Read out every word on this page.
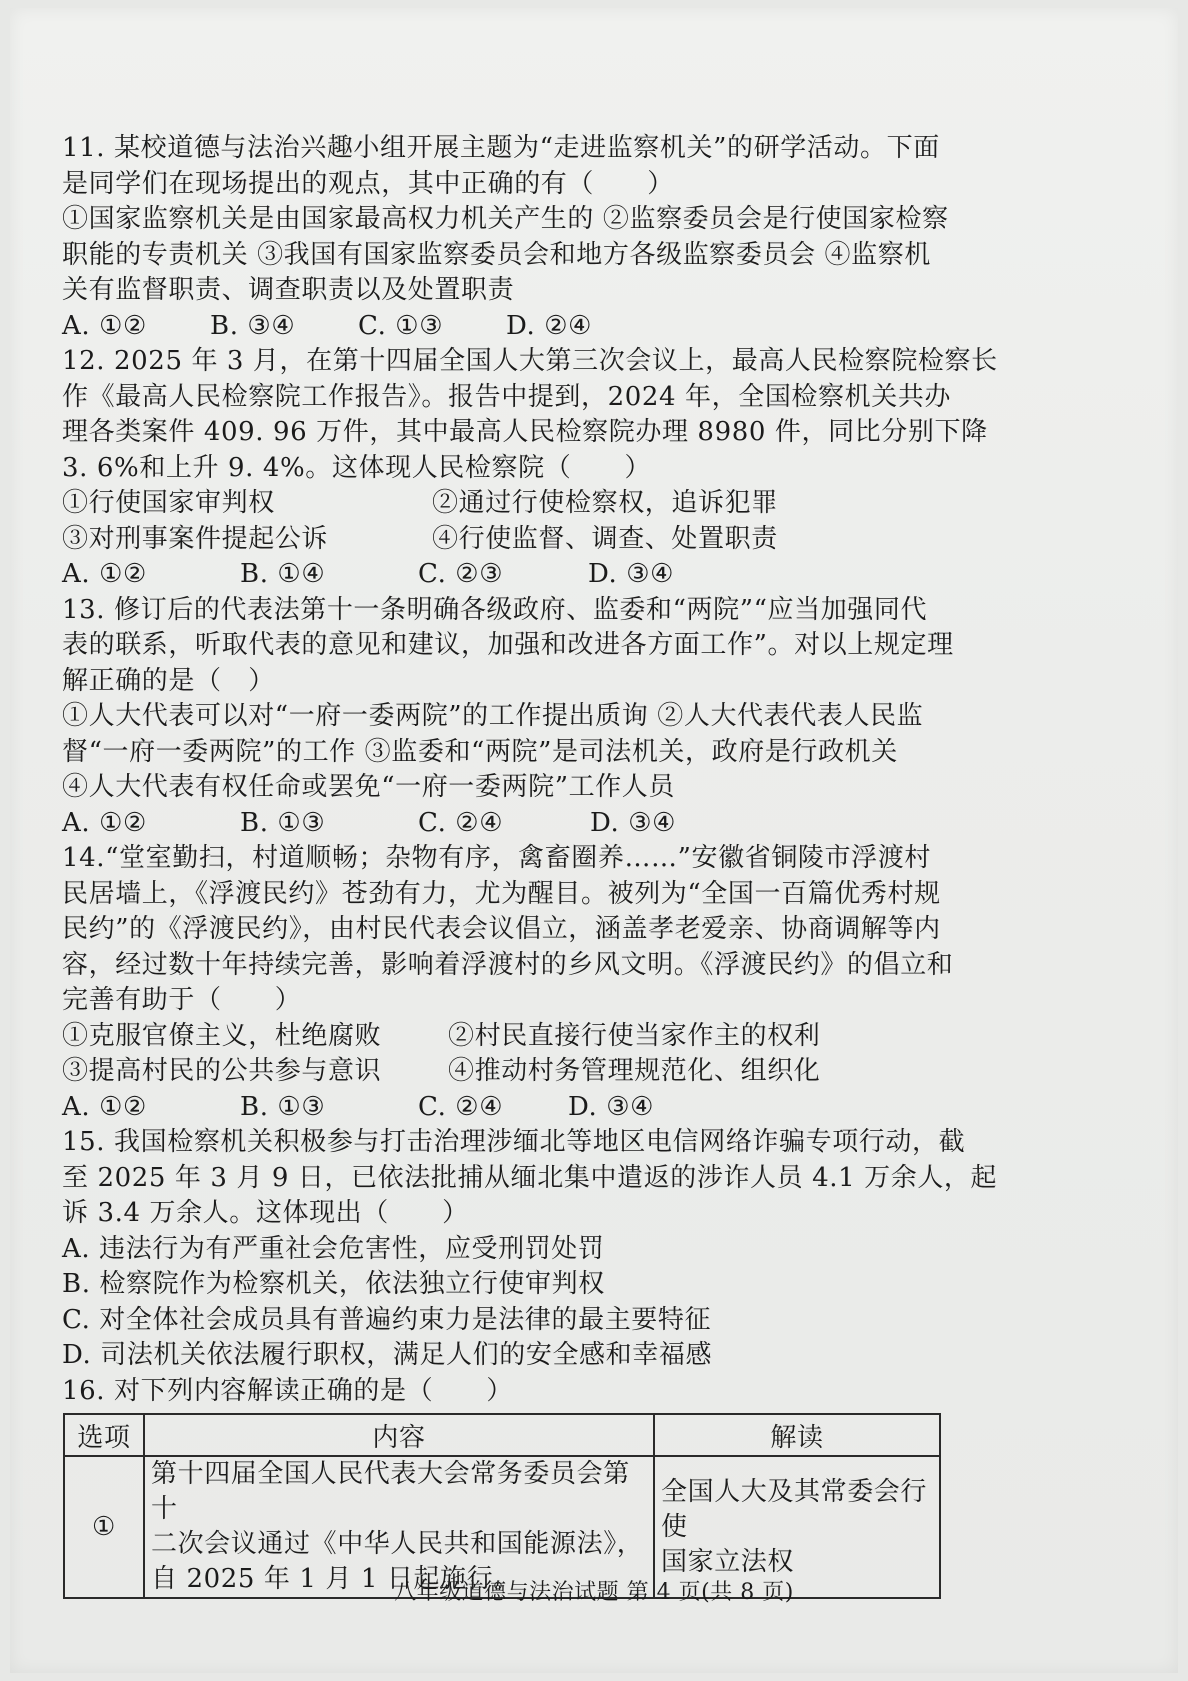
11. 某校道德与法治兴趣小组开展主题为“走进监察机关”的研学活动。下面
是同学们在现场提出的观点，其中正确的有（　　）
①国家监察机关是由国家最高权力机关产生的 ②监察委员会是行使国家检察
职能的专责机关 ③我国有国家监察委员会和地方各级监察委员会 ④监察机
关有监督职责、调查职责以及处置职责
A. ①②	B. ③④	C. ①③	D. ②④
12. 2025 年 3 月，在第十四届全国人大第三次会议上，最高人民检察院检察长
作《最高人民检察院工作报告》。报告中提到，2024 年，全国检察机关共办
理各类案件 409. 96 万件，其中最高人民检察院办理 8980 件，同比分别下降
3. 6%和上升 9. 4%。这体现人民检察院（　　）
①行使国家审判权	②通过行使检察权，追诉犯罪
③对刑事案件提起公诉	④行使监督、调查、处置职责
A. ①②	B. ①④	C. ②③	D. ③④
13. 修订后的代表法第十一条明确各级政府、监委和“两院”“应当加强同代
表的联系，听取代表的意见和建议，加强和改进各方面工作”。对以上规定理
解正确的是（　）
①人大代表可以对“一府一委两院”的工作提出质询 ②人大代表代表人民监
督“一府一委两院”的工作 ③监委和“两院”是司法机关，政府是行政机关
④人大代表有权任命或罢免“一府一委两院”工作人员
A. ①②	B. ①③	C. ②④	D. ③④
14.“堂室勤扫，村道顺畅；杂物有序，禽畜圈养……”安徽省铜陵市浮渡村
民居墙上，《浮渡民约》苍劲有力，尤为醒目。被列为“全国一百篇优秀村规
民约”的《浮渡民约》，由村民代表会议倡立，涵盖孝老爱亲、协商调解等内
容，经过数十年持续完善，影响着浮渡村的乡风文明。《浮渡民约》的倡立和
完善有助于（　　）
①克服官僚主义，杜绝腐败	②村民直接行使当家作主的权利
③提高村民的公共参与意识	④推动村务管理规范化、组织化
A. ①②	B. ①③	C. ②④	D. ③④
15. 我国检察机关积极参与打击治理涉缅北等地区电信网络诈骗专项行动，截
至 2025 年 3 月 9 日，已依法批捕从缅北集中遣返的涉诈人员 4.1 万余人，起
诉 3.4 万余人。这体现出（　　）
A. 违法行为有严重社会危害性，应受刑罚处罚
B. 检察院作为检察机关，依法独立行使审判权
C. 对全体社会成员具有普遍约束力是法律的最主要特征
D. 司法机关依法履行职权，满足人们的安全感和幸福感
16. 对下列内容解读正确的是（　　）
选项	内容	解读
①	第十四届全国人民代表大会常务委员会第十
二次会议通过《中华人民共和国能源法》，
自 2025 年 1 月 1 日起施行。	全国人大及其常委会行使
国家立法权
八年级道德与法治试题 第 4 页(共 8 页)
